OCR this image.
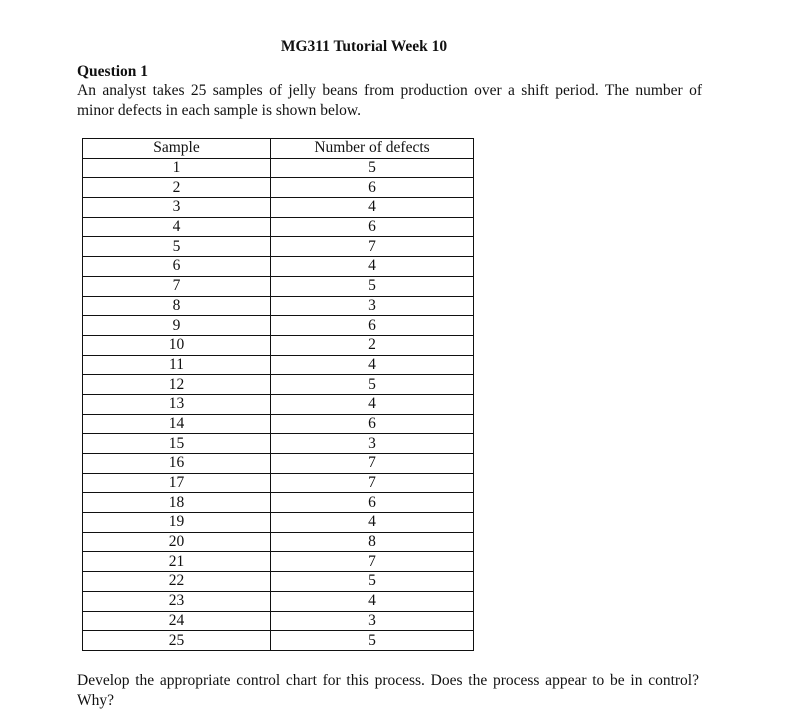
MG311 Tutorial Week 10
Question 1
An analyst takes 25 samples of jelly beans from production over a shift period. The number of minor defects in each sample is shown below.
Sample	Number of defects
1	5
2	6
3	4
4	6
5	7
6	4
7	5
8	3
9	6
10	2
11	4
12	5
13	4
14	6
15	3
16	7
17	7
18	6
19	4
20	8
21	7
22	5
23	4
24	3
25	5
Develop the appropriate control chart for this process. Does the process appear to be in control? Why?
